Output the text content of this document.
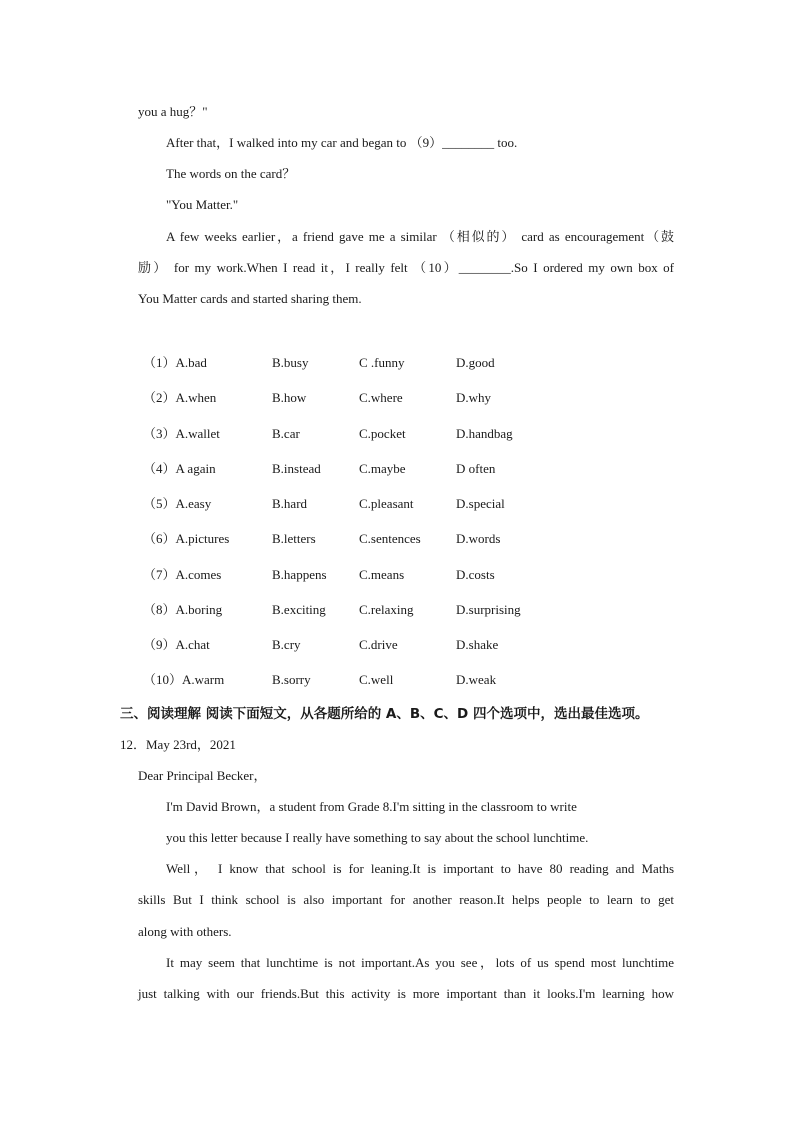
you a hug？"
After that，I walked into my car and began to （9）________ too.
The words on the card？
"You Matter."
A few weeks earlier，a friend gave me a similar （相似的） card as encouragement（鼓
励） for my work.When I read it，I really felt （10）________.So I ordered my own box of
You Matter cards and started sharing them.
（1）A.bad	B.busy	C .funny	D.good
（2）A.when	B.how	C.where	D.why
（3）A.wallet	B.car	C.pocket	D.handbag
（4）A again	B.instead	C.maybe	D often
（5）A.easy	B.hard	C.pleasant	D.special
（6）A.pictures	B.letters	C.sentences	D.words
（7）A.comes	B.happens C.means	D.costs
（8）A.boring	B.exciting	C.relaxing	D.surprising
（9）A.chat	B.cry	C.drive	D.shake
（10）A.warm	B.sorry	C.well	D.weak
三、阅读理解 阅读下面短文，从各题所给的 A、B、C、D 四个选项中，选出最佳选项。
12．May 23rd，2021
Dear Principal Becker，
I'm David Brown，a student from Grade 8.I'm sitting in the classroom to write
you this letter because I really have something to say about the school lunchtime.
Well， I know that school is for leaning.It is important to have 80 reading and Maths
skills But I think school is also important for another reason.It helps people to learn to get
along with others.
It may seem that lunchtime is not important.As you see，lots of us spend most lunchtime
just talking with our friends.But this activity is more important than it looks.I'm learning how
